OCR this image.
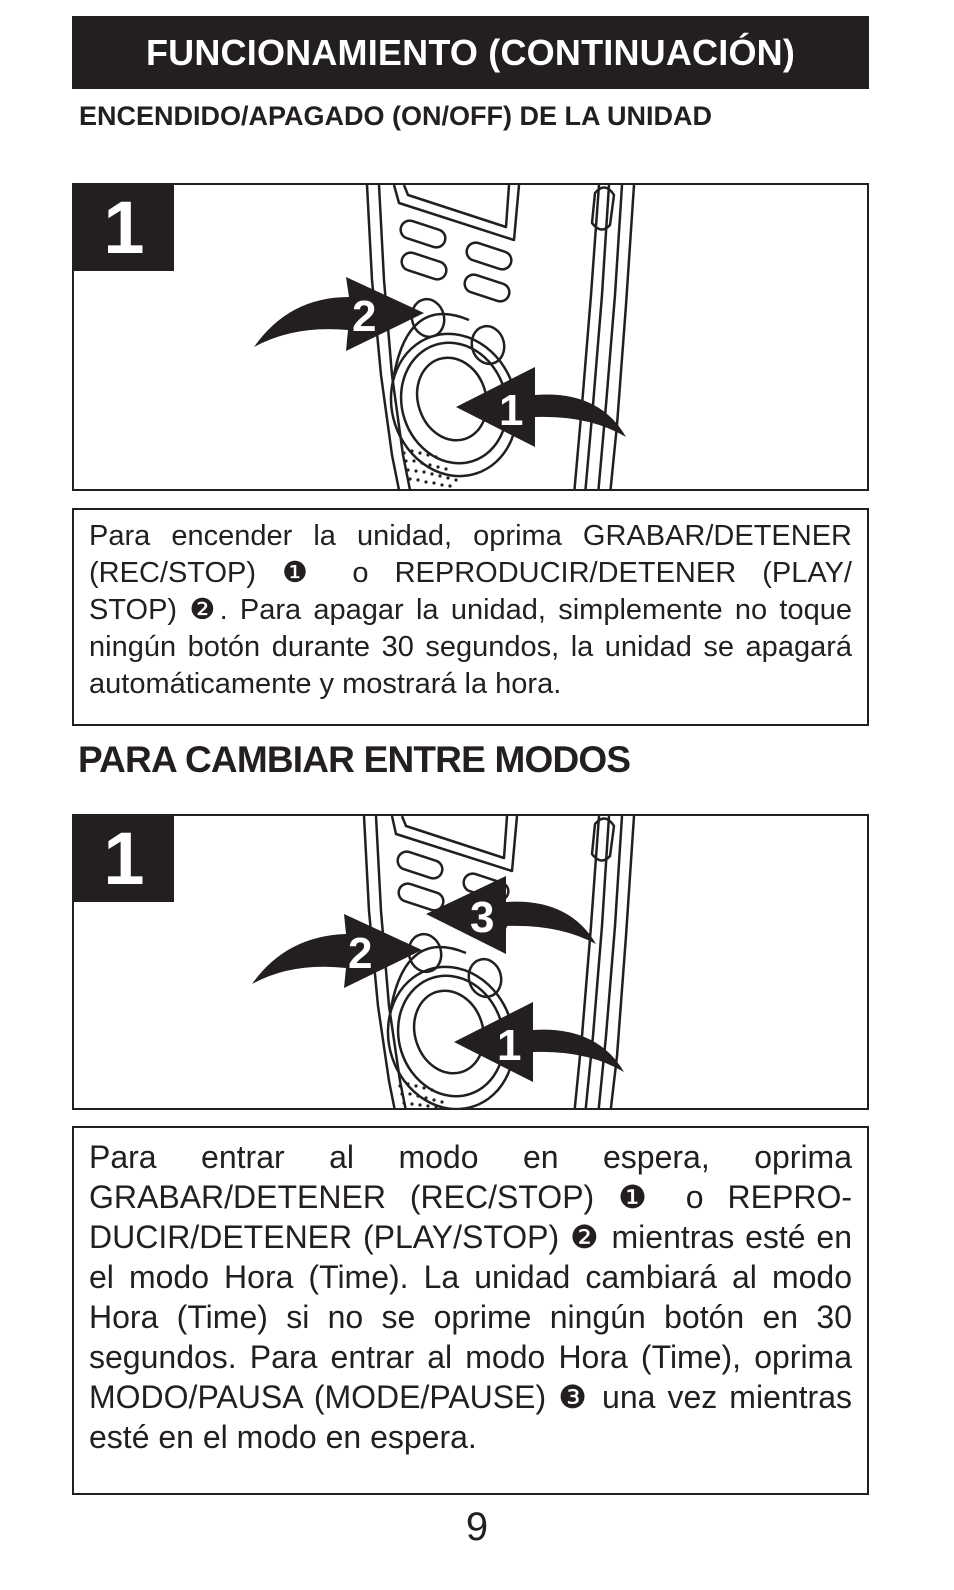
FUNCIONAMIENTO (CONTINUACIÓN)
ENCENDIDO/APAGADO (ON/OFF) DE LA UNIDAD
2
1
1
Para encender la unidad, oprima GRABAR/DETENER (REC/STOP) ❶ o REPRODUCIR/DETENER (PLAY/ STOP) ❷. Para apagar la unidad, simplemente no toque ningún botón durante 30 segundos, la unidad se apagará automáticamente y mostrará la hora.
PARA CAMBIAR ENTRE MODOS
3
2
1
1
Para entrar al modo en espera, oprima GRABAR/DETENER (REC/STOP) ❶ o REPRO-DUCIR/DETENER (PLAY/STOP) ❷ mientras esté en el modo Hora (Time). La unidad cambiará al modo Hora (Time) si no se oprime ningún botón en 30 segundos. Para entrar al modo Hora (Time), oprima MODO/PAUSA (MODE/PAUSE) ❸ una vez mientras esté en el modo en espera.
9
